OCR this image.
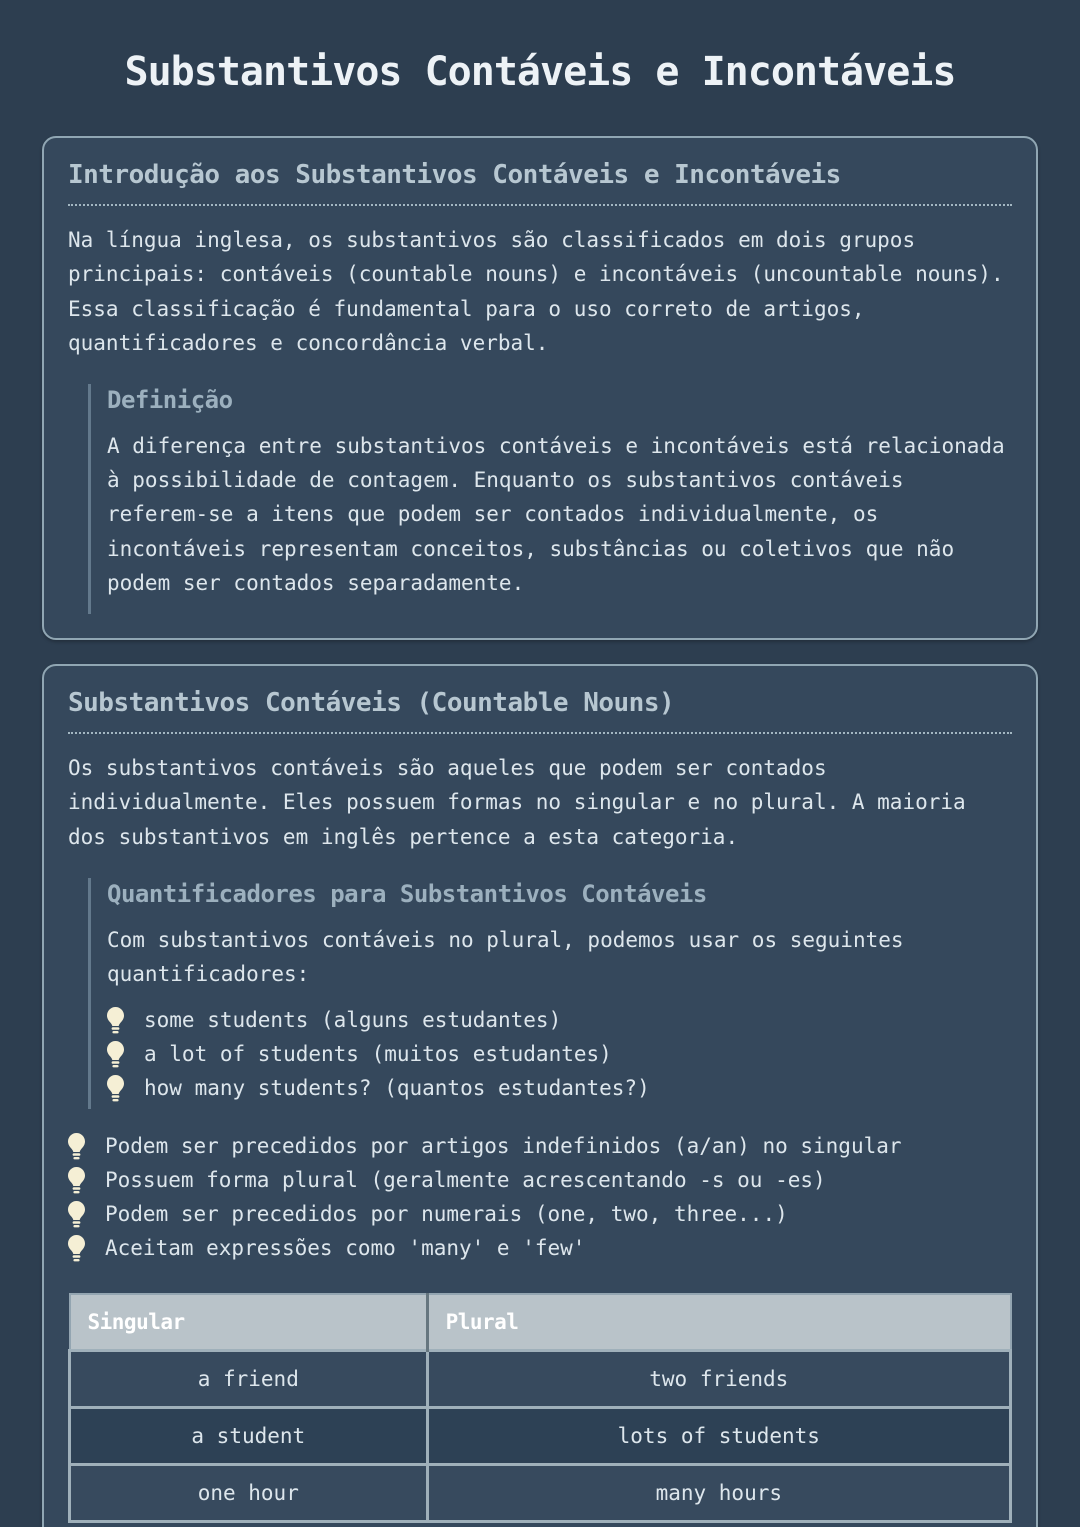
Substantivos Contáveis e Incontáveis
Introdução aos Substantivos Contáveis e Incontáveis

Na língua inglesa, os substantivos são classificados em dois grupos principais: contáveis (countable nouns) e incontáveis (uncountable nouns). Essa classificação é fundamental para o uso correto de artigos, quantificadores e concordância verbal.

Definição

A diferença entre substantivos contáveis e incontáveis está relacionada à possibilidade de contagem. Enquanto os substantivos contáveis referem-se a itens que podem ser contados individualmente, os incontáveis representam conceitos, substâncias ou coletivos que não podem ser contados separadamente.

Substantivos Contáveis (Countable Nouns)

Os substantivos contáveis são aqueles que podem ser contados individualmente. Eles possuem formas no singular e no plural. A maioria dos substantivos em inglês pertence a esta categoria.

Quantificadores para Substantivos Contáveis

Com substantivos contáveis no plural, podemos usar os seguintes quantificadores:

some students (alguns estudantes)
a lot of students (muitos estudantes)
how many students? (quantos estudantes?)
Podem ser precedidos por artigos indefinidos (a/an) no singular
Possuem forma plural (geralmente acrescentando -s ou -es)
Podem ser precedidos por numerais (one, two, three...)
Aceitam expressões como 'many' e 'few'
Singular	Plural
a friend	two friends
a student	lots of students
one hour	many hours
